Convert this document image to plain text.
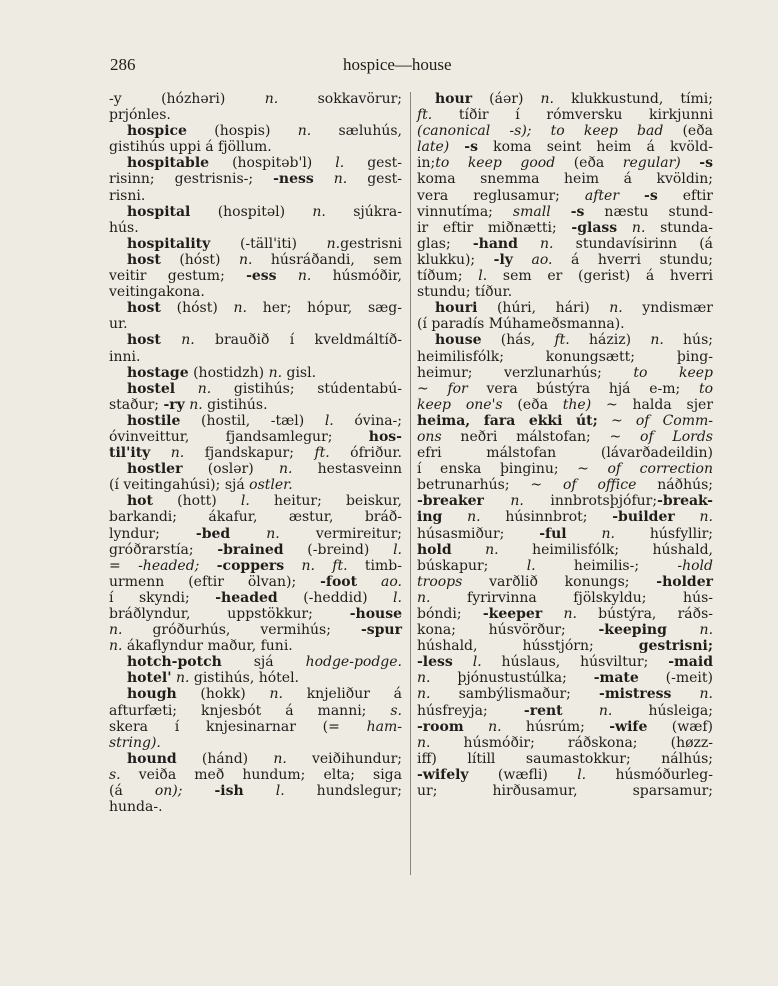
286	hospice—house
-y (hózhəri) n. sokkavörur;
prjónles.
hospice (hospis) n. sæluhús,
gistihús uppi á fjöllum.
hospitable (hospitəb'l) l. gest-
risinn; gestrisnis-; -ness n. gest-
risni.
hospital (hospitəl) n. sjúkra-
hús.
hospitality (-täll'iti) n.gestrisni
host (hóst) n. húsráðandi, sem
veitir gestum; -ess n. húsmóðir,
veitingakona.
host (hóst) n. her; hópur, sæg-
ur.
host n. brauðið í kveldmáltíð-
inni.
hostage (hostidzh) n. gisl.
hostel n. gistihús; stúdentabú-
staður; -ry n. gistihús.
hostile (hostil, -tæl) l. óvina-;
óvinveittur, fjandsamlegur; hos-
til'ity n. fjandskapur; ft. ófriður.
hostler (oslər) n. hestasveinn
(í veitingahúsi); sjá ostler.
hot (hott) l. heitur; beiskur,
barkandi; ákafur, æstur, bráð-
lyndur; -bed	n. vermireitur;
gróðrarstía; -brained (-breind) l.
= -headed; -coppers n. ft. timb-
urmenn (eftir ölvan); -foot ao.
í skyndi; -headed (-heddid) l.
bráðlyndur, uppstökkur; -house
n. gróðurhús, vermihús; -spur
n. ákaflyndur maður, funi.
hotch-potch sjá hodge-podge.
hotel' n. gistihús, hótel.
hough (hokk) n. knjeliður á
afturfæti; knjesbót á manni; s.
skera í knjesinarnar (= ham-
string).
hound (hánd) n. veiðihundur;
s. veiða með hundum; elta; siga
(á on); -ish l. hundslegur;
hunda-.
hour (áər) n. klukkustund, tími;
ft. tíðir í rómversku kirkjunni
(canonical -s); to keep bad (eða
late) -s koma seint heim á kvöld-
in;to keep good (eða regular) -s
koma snemma heim á kvöldin;
vera reglusamur; after -s eftir
vinnutíma; small -s næstu stund-
ir eftir miðnætti; -glass n. stunda-
glas; -hand n. stundavísirinn (á
klukku); -ly ao. á hverri stundu;
tíðum; l. sem er (gerist) á hverri
stundu; tíður.
houri (húri, hári) n. yndismær
(í paradís Múhameðsmanna).
house (hás, ft. háziz) n. hús;
heimilisfólk; konungsætt; þing-
heimur; verzlunarhús; to keep
~ for vera bústýra hjá e-m; to
keep one's (eða the) ~ halda sjer
heima, fara ekki út; ~ of Comm-
ons neðri málstofan; ~ of Lords
efri málstofan (lávarðadeildin)
í enska þinginu; ~ of correction
betrunarhús; ~ of office náðhús;
-breaker n. innbrotsþjófur;-break-
ing n. húsinnbrot; -builder n.
húsasmiður; -ful n. húsfyllir;
hold n. heimilisfólk; húshald,
búskapur; l. heimilis-; -hold
troops varðlið konungs; -holder
n. fyrirvinna fjölskyldu; hús-
bóndi; -keeper n. bústýra, ráðs-
kona; húsvörður; -keeping n.
húshald, hússtjórn; gestrisni;
-less l. húslaus, húsviltur; -maid
n. þjónustustúlka; -mate (-meit)
n. sambýlismaður; -mistress n.
húsfreyja; -rent	n. húsleiga;
-room n. húsrúm; -wife (wæf)
n. húsmóðir; ráðskona; (høzz-
iff) lítill saumastokkur; nálhús;
-wifely (wæfli) l. húsmóðurleg-
ur; hirðusamur, sparsamur;
